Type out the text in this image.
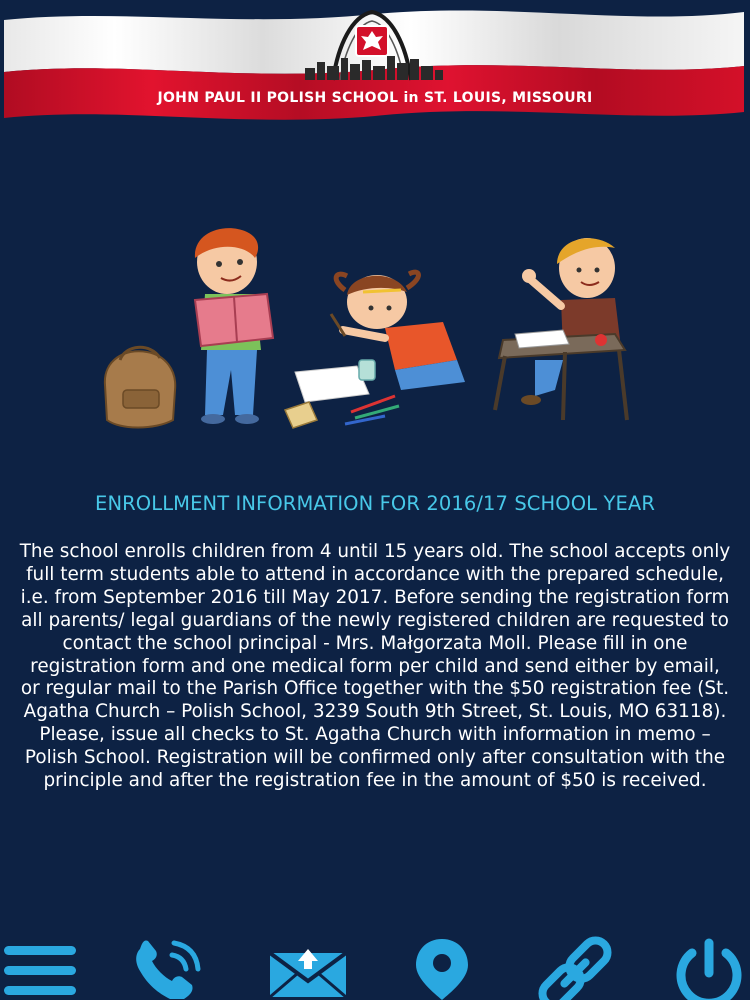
JOHN PAUL II POLISH SCHOOL in ST. LOUIS, MISSOURI
ENROLLMENT INFORMATION FOR 2016/17 SCHOOL YEAR
The school enrolls children from 4 until 15 years old. The school accepts only full term students able to attend in accordance with the prepared schedule, i.e. from September 2016 till May 2017. Before sending the registration form all parents/ legal guardians of the newly registered children are requested to contact the school principal - Mrs. Małgorzata Moll. Please fill in one registration form and one medical form per child and send either by email, or regular mail to the Parish Office together with the $50 registration fee (St. Agatha Church – Polish School, 3239 South 9th Street, St. Louis, MO 63118). Please, issue all checks to St. Agatha Church with information in memo – Polish School. Registration will be confirmed only after consultation with the principle and after the registration fee in the amount of $50 is received.
